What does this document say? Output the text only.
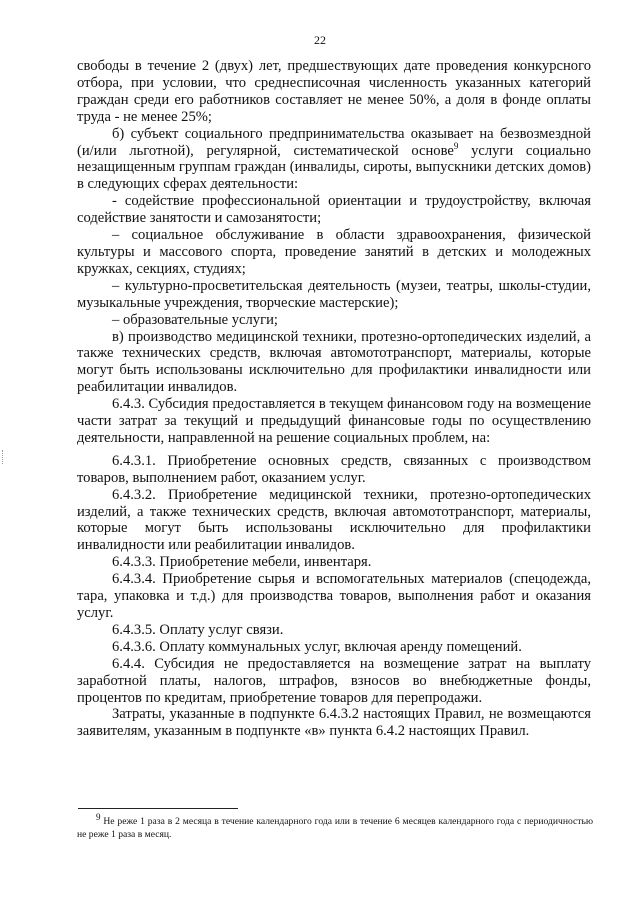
22

свободы в течение 2 (двух) лет, предшествующих дате проведения конкурсного отбора, при условии, что среднесписочная численность указанных категорий граждан среди его работников составляет не менее 50%, а доля в фонде оплаты труда - не менее 25%;

б) субъект социального предпринимательства оказывает на безвозмездной (и/или льготной), регулярной, систематической основе$^9$ услуги социально незащищенным группам граждан (инвалиды, сироты, выпускники детских домов) в следующих сферах деятельности:

- содействие профессиональной ориентации и трудоустройству, включая содействие занятости и самозанятости;

– социальное обслуживание в области здравоохранения, физической культуры и массового спорта, проведение занятий в детских и молодежных кружках, секциях, студиях;

– культурно-просветительская деятельность (музеи, театры, школы-студии, музыкальные учреждения, творческие мастерские);

– образовательные услуги;

в) производство медицинской техники, протезно-ортопедических изделий, а также технических средств, включая автомототранспорт, материалы, которые могут быть использованы исключительно для профилактики инвалидности или реабилитации инвалидов.

6.4.3. Субсидия предоставляется в текущем финансовом году на возмещение части затрат за текущий и предыдущий финансовые годы по осуществлению деятельности, направленной на решение социальных проблем, на:

6.4.3.1. Приобретение основных средств, связанных с производством товаров, выполнением работ, оказанием услуг.

6.4.3.2. Приобретение медицинской техники, протезно-ортопедических изделий, а также технических средств, включая автомототранспорт, материалы, которые могут быть использованы исключительно для профилактики инвалидности или реабилитации инвалидов.

6.4.3.3. Приобретение мебели, инвентаря.

6.4.3.4. Приобретение сырья и вспомогательных материалов (спецодежда, тара, упаковка и т.д.) для производства товаров, выполнения работ и оказания услуг.

6.4.3.5. Оплату услуг связи.

6.4.3.6. Оплату коммунальных услуг, включая аренду помещений.

6.4.4. Субсидия не предоставляется на возмещение затрат на выплату заработной платы, налогов, штрафов, взносов во внебюджетные фонды, процентов по кредитам, приобретение товаров для перепродажи.

Затраты, указанные в подпункте 6.4.3.2 настоящих Правил, не возмещаются заявителям, указанным в подпункте «в» пункта 6.4.2 настоящих Правил.

$^9$ Не реже 1 раза в 2 месяца в течение календарного года или в течение 6 месяцев календарного года с периодичностью не реже 1 раза в месяц.
